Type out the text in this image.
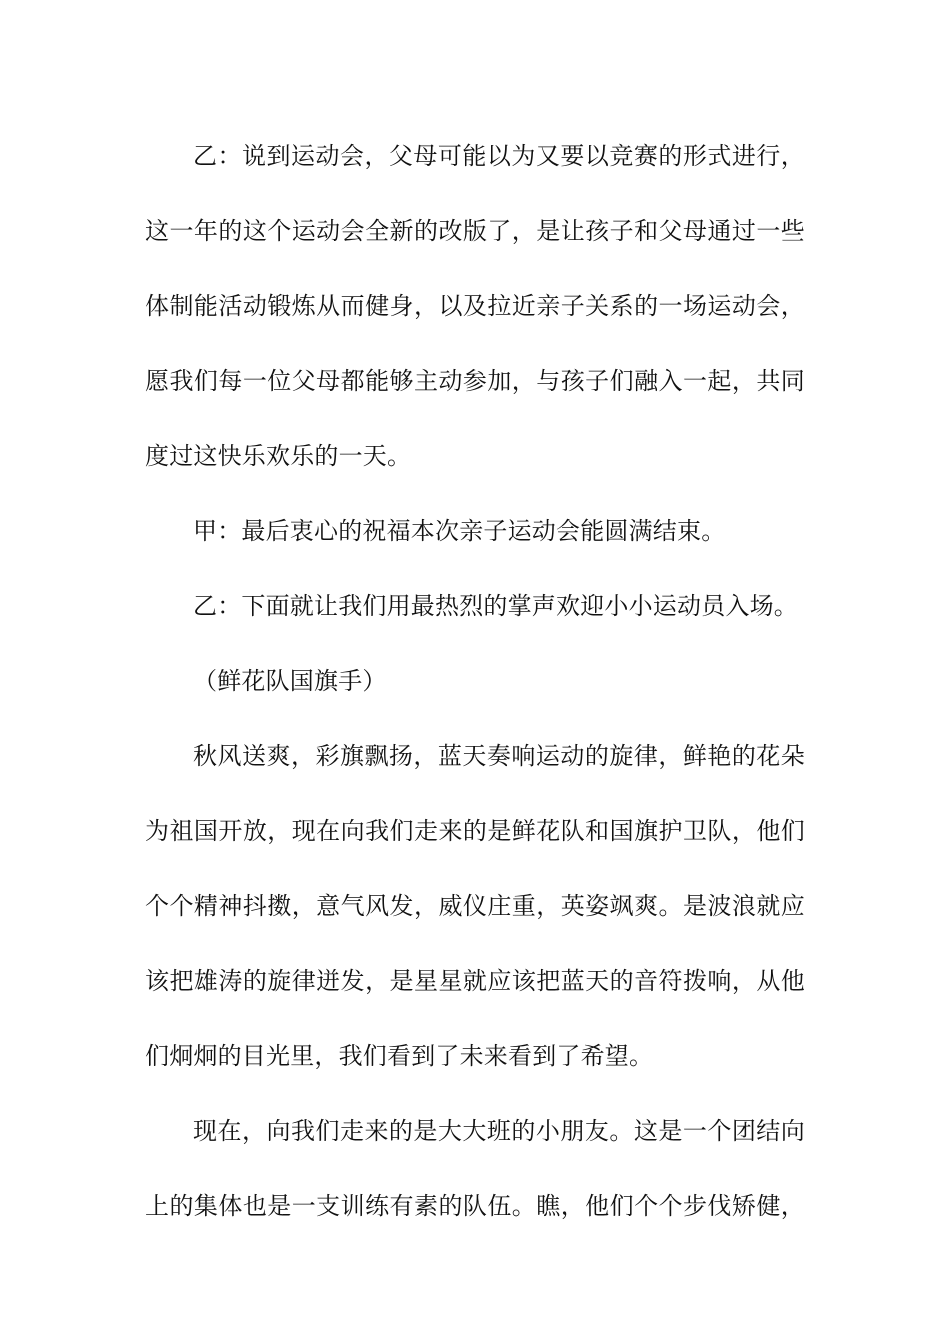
乙：说到运动会，父母可能以为又要以竞赛的形式进行，
这一年的这个运动会全新的改版了，是让孩子和父母通过一些
体制能活动锻炼从而健身，以及拉近亲子关系的一场运动会，
愿我们每一位父母都能够主动参加，与孩子们融入一起，共同
度过这快乐欢乐的一天。

甲：最后衷心的祝福本次亲子运动会能圆满结束。

乙：下面就让我们用最热烈的掌声欢迎小小运动员入场。

（鲜花队国旗手）

秋风送爽，彩旗飘扬，蓝天奏响运动的旋律，鲜艳的花朵
为祖国开放，现在向我们走来的是鲜花队和国旗护卫队，他们
个个精神抖擞，意气风发，威仪庄重，英姿飒爽。是波浪就应
该把雄涛的旋律迸发，是星星就应该把蓝天的音符拨响，从他
们炯炯的目光里，我们看到了未来看到了希望。

现在，向我们走来的是大大班的小朋友。这是一个团结向
上的集体也是一支训练有素的队伍。瞧，他们个个步伐矫健，
